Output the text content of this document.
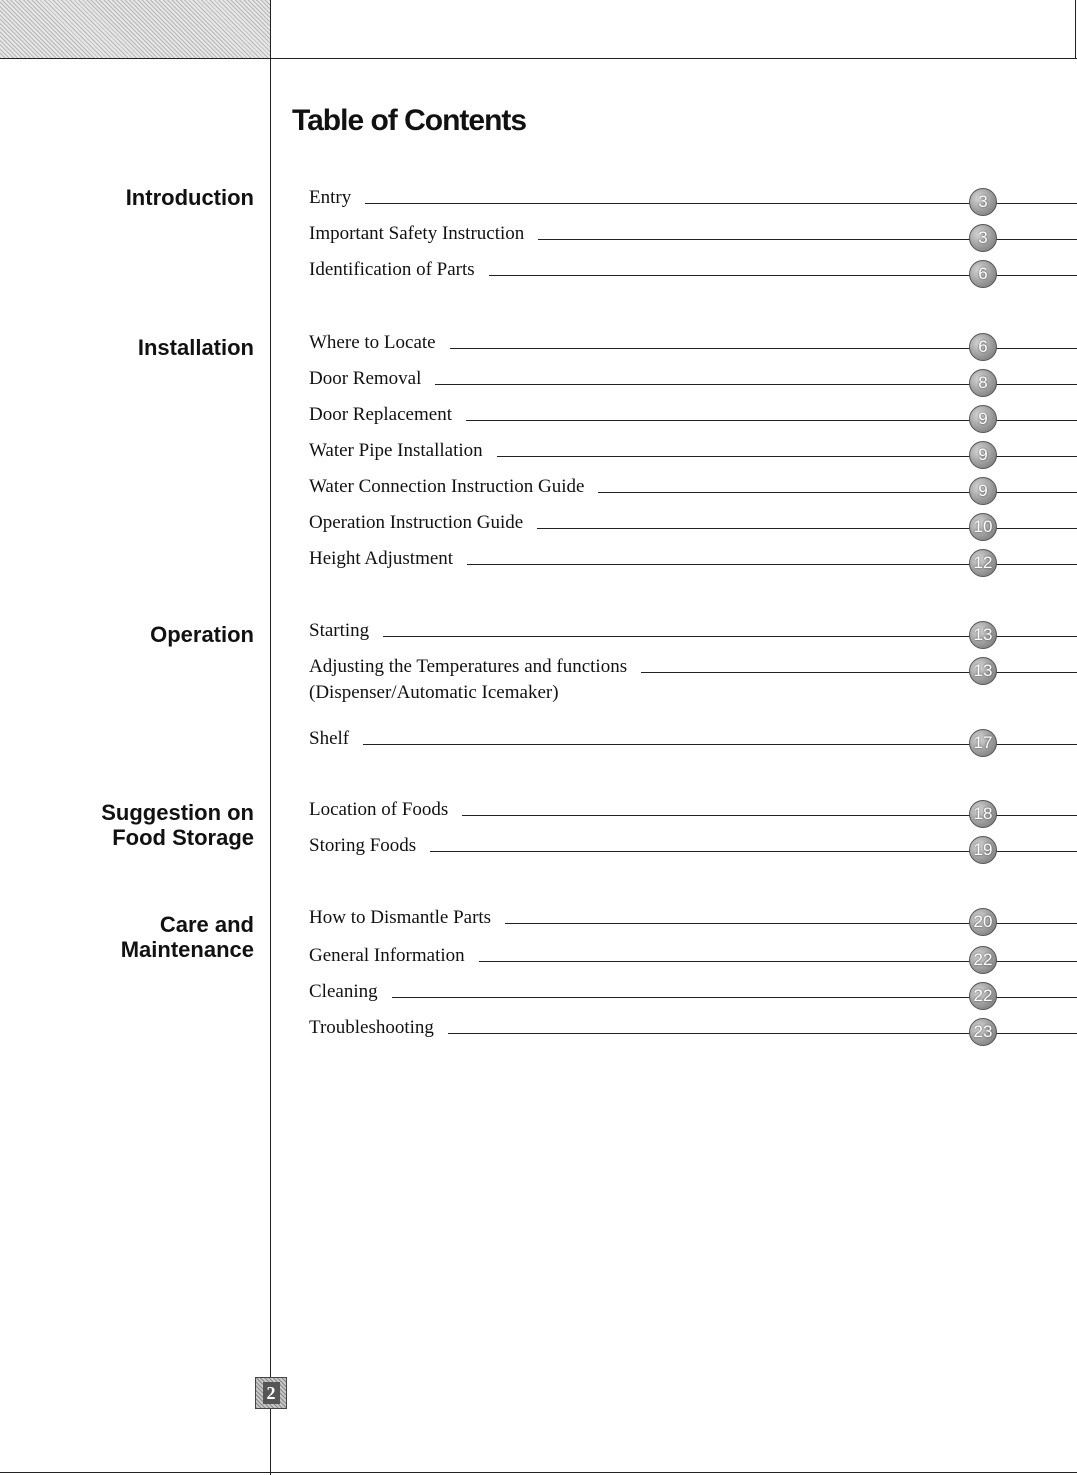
Table of Contents
Introduction	Entry	3
Important Safety Instruction	3
Identification of Parts	6
Installation	Where to Locate	6
Door Removal	8
Door Replacement	9
Water Pipe Installation	9
Water Connection Instruction Guide	9
Operation Instruction Guide	10
Height Adjustment	12
Operation	Starting	13
Adjusting the Temperatures and functions	13
(Dispenser/Automatic Icemaker)
Shelf	17
Suggestion on
Food Storage
Location of Foods	18
Storing Foods	19
Care and
Maintenance
How to Dismantle Parts	20
General Information	22
Cleaning	22
Troubleshooting	23
2
